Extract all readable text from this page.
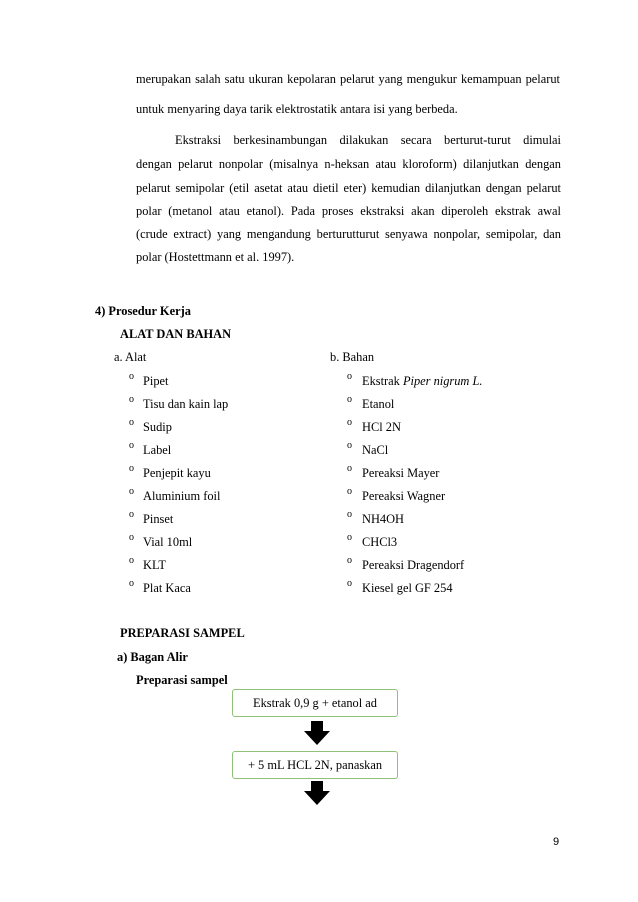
merupakan salah satu ukuran kepolaran pelarut yang mengukur kemampuan pelarut
untuk menyaring daya tarik elektrostatik antara isi yang berbeda.
Ekstraksi berkesinambungan dilakukan secara berturut-turut dimulai
dengan pelarut nonpolar (misalnya n-heksan atau kloroform) dilanjutkan dengan
pelarut semipolar (etil asetat atau dietil eter) kemudian dilanjutkan dengan pelarut
polar (metanol atau etanol). Pada proses ekstraksi akan diperoleh ekstrak awal
(crude extract) yang mengandung berturutturut senyawa nonpolar, semipolar, dan
polar (Hostettmann et al. 1997).
4) Prosedur Kerja
ALAT DAN BAHAN
a. Alat
o Pipet
o Tisu dan kain lap
o Sudip
o Label
o Penjepit kayu
o Aluminium foil
o Pinset
o Vial 10ml
o KLT
o Plat Kaca
b. Bahan
o Ekstrak Piper nigrum L.
o Etanol
o HCl 2N
o NaCl
o Pereaksi Mayer
o Pereaksi Wagner
o NH4OH
o CHCl3
o Pereaksi Dragendorf
o Kiesel gel GF 254
PREPARASI SAMPEL
a) Bagan Alir
Preparasi sampel
Ekstrak 0,9 g + etanol ad
+ 5 mL HCL 2N, panaskan
9
